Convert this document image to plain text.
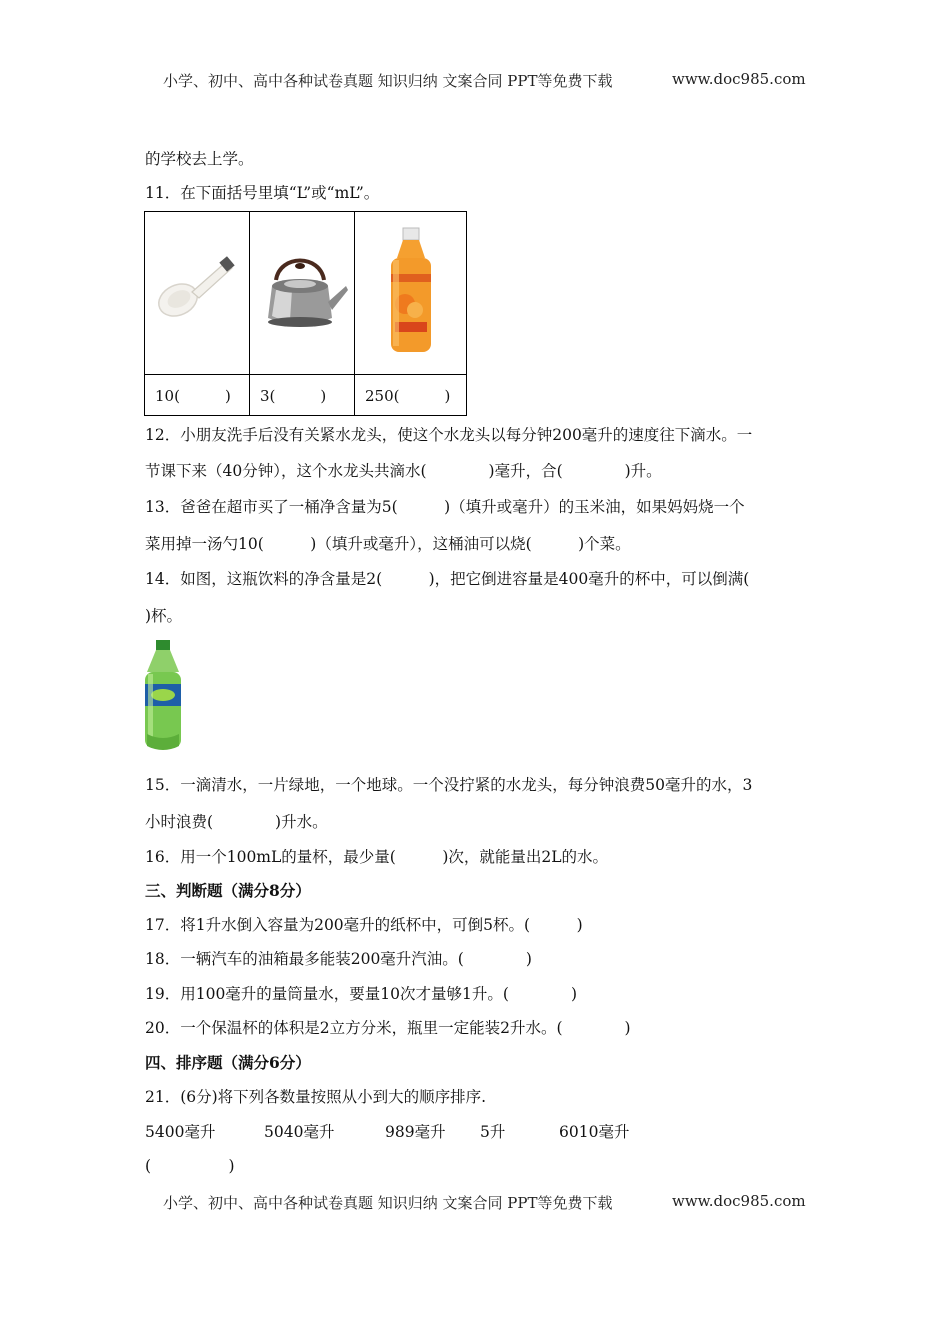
小学、初中、高中各种试卷真题 知识归纳 文案合同 PPT等免费下载	www.doc985.com
的学校去上学。
11．在下面括号里填“L”或“mL”。

10(　　　)	3(　　　)	250(　　　)
12．小朋友洗手后没有关紧水龙头，使这个水龙头以每分钟200毫升的速度往下滴水。一
节课下来（40分钟），这个水龙头共滴水(　　　　)毫升，合(　　　　)升。
13．爸爸在超市买了一桶净含量为5(　　　)（填升或毫升）的玉米油，如果妈妈烧一个
菜用掉一汤勺10(　　　)（填升或毫升），这桶油可以烧(　　　)个菜。
14．如图，这瓶饮料的净含量是2(　　　)，把它倒进容量是400毫升的杯中，可以倒满(
)杯。
15．一滴清水，一片绿地，一个地球。一个没拧紧的水龙头，每分钟浪费50毫升的水，3
小时浪费(　　　　)升水。
16．用一个100mL的量杯，最少量(　　　)次，就能量出2L的水。
三、判断题（满分8分）
17．将1升水倒入容量为200毫升的纸杯中，可倒5杯。(　　　)
18．一辆汽车的油箱最多能装200毫升汽油。(　　　　)
19．用100毫升的量筒量水，要量10次才量够1升。(　　　　)
20．一个保温杯的体积是2立方分米，瓶里一定能装2升水。(　　　　)
四、排序题（满分6分）
21．(6分)将下列各数量按照从小到大的顺序排序.
5400毫升	5040毫升	989毫升 5升	6010毫升
(　　　　　)
小学、初中、高中各种试卷真题 知识归纳 文案合同 PPT等免费下载	www.doc985.com
